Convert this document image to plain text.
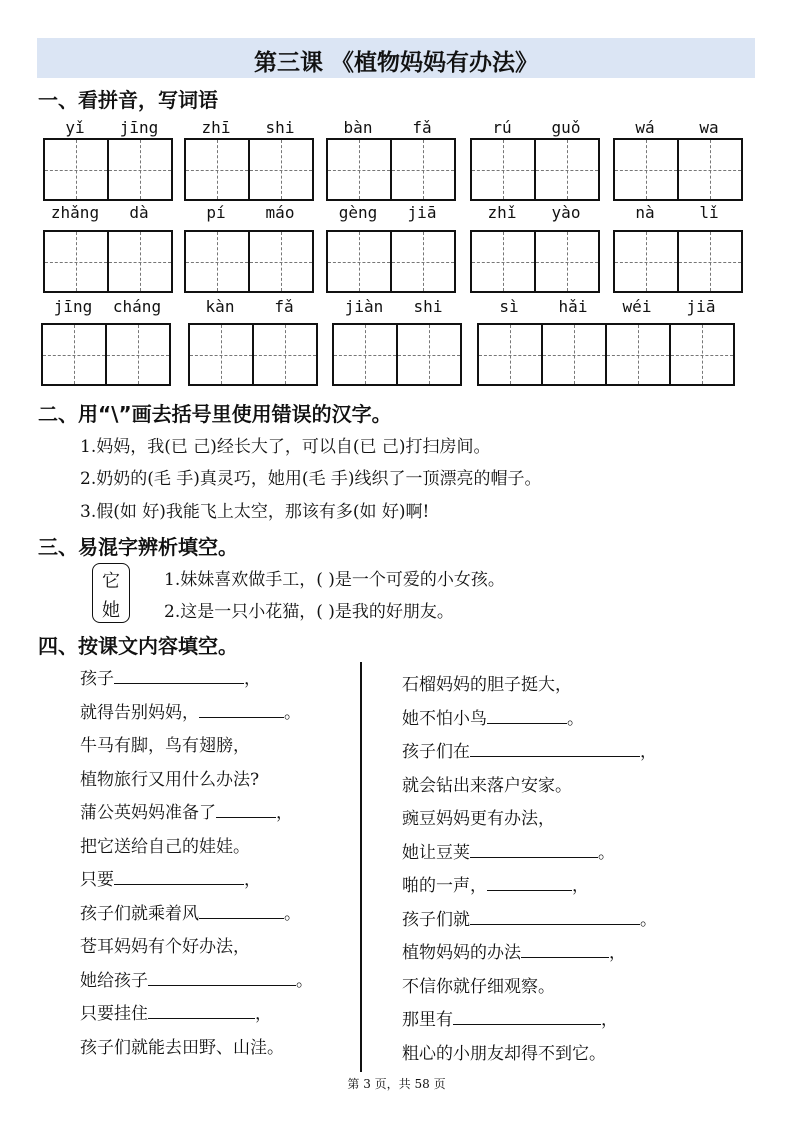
第三课 《植物妈妈有办法》
一、看拼音，写词语
yǐ	jīng	zhī	shi	bàn	fǎ	rú	guǒ	wá	wa
zhǎng	dà	pí	máo	gèng	jiā	zhǐ	yào	nà	lǐ
jīng	cháng	kàn	fǎ	jiàn	shi	sì	hǎi	wéi	jiā
二、用“\”画去括号里使用错误的汉字。
1.妈妈，我(已 己)经长大了，可以自(已 己)打扫房间。
2.奶奶的(毛 手)真灵巧，她用(毛 手)线织了一顶漂亮的帽子。
3.假(如 好)我能飞上太空，那该有多(如 好)啊!
三、易混字辨析填空。
它
她
1.妹妹喜欢做手工，( )是一个可爱的小女孩。
2.这是一只小花猫，( )是我的好朋友。
四、按课文内容填空。
孩子	，
就得告别妈妈，	。
牛马有脚，鸟有翅膀，
植物旅行又用什么办法?
蒲公英妈妈准备了	，
把它送给自己的娃娃。
只要	，
孩子们就乘着风	。
苍耳妈妈有个好办法，
她给孩子	。
只要挂住	，
孩子们就能去田野、山洼。
石榴妈妈的胆子挺大，
她不怕小鸟	。
孩子们在	，
就会钻出来落户安家。
豌豆妈妈更有办法，
她让豆荚	。
啪的一声，	，
孩子们就	。
植物妈妈的办法	，
不信你就仔细观察。
那里有	，
粗心的小朋友却得不到它。
第 3 页，共 58 页
